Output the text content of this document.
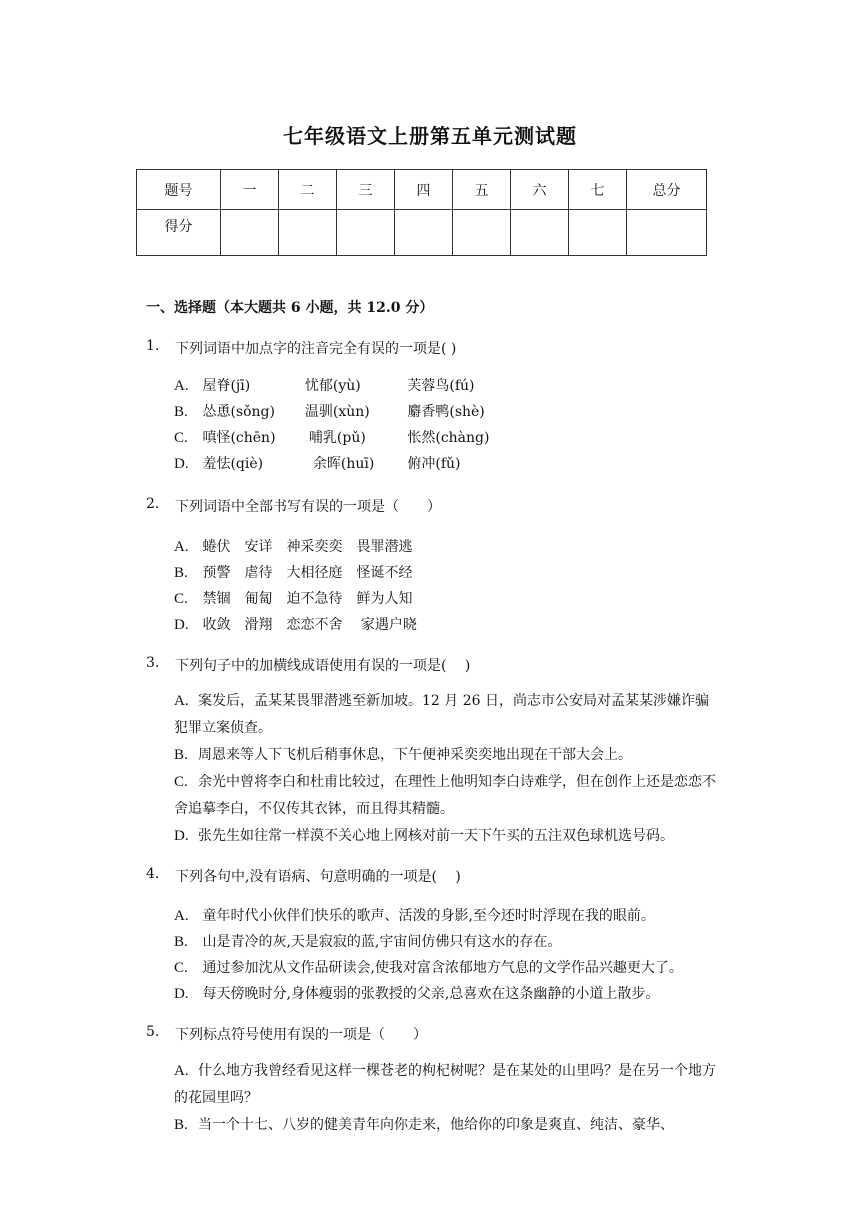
七年级语文上册第五单元测试题
题号	一	二	三	四	五	六	七	总分
得分								
一、选择题（本大题共 6 小题，共 12.0 分）
1.	下列词语中加点字的注音完全有误的一项是( )
A. 屋脊(jī)	忧郁(yù)	芙蓉鸟(fú)
B. 怂恿(sǒng) 温驯(xùn)	麝香鸭(shè)
C. 嗔怪(chēn) 哺乳(pǔ)	怅然(chàng)
D. 羞怯(qiè)	余晖(huī) 俯冲(fǔ)
2.	下列词语中全部书写有误的一项是（　　）
A. 蜷伏　安详　神采奕奕　畏罪潜逃
B. 预警　虐待　大相径庭　怪诞不经
C. 禁锢　匍匐　迫不急待　鲜为人知
D. 收敛　滑翔　恋恋不舍　 家遇户晓
3.	下列句子中的加横线成语使用有误的一项是(　 )
A. 案发后，孟某某畏罪潜逃至新加坡。12 月 26 日，尚志市公安局对孟某某涉嫌诈骗犯罪立案侦查。
B. 周恩来等人下飞机后稍事休息，下午便神采奕奕地出现在干部大会上。
C. 余光中曾将李白和杜甫比较过，在理性上他明知李白诗难学，但在创作上还是恋恋不舍追摹李白，不仅传其衣钵，而且得其精髓。
D. 张先生如往常一样漠不关心地上网核对前一天下午买的五注双色球机选号码。
4.	下列各句中,没有语病、句意明确的一项是(　 )
A. 童年时代小伙伴们快乐的歌声、活泼的身影,至今还时时浮现在我的眼前。
B. 山是青冷的灰,天是寂寂的蓝,宇宙间仿佛只有这水的存在。
C. 通过参加沈从文作品研读会,使我对富含浓郁地方气息的文学作品兴趣更大了。
D. 每天傍晚时分,身体瘦弱的张教授的父亲,总喜欢在这条幽静的小道上散步。
5.	下列标点符号使用有误的一项是（　　）
A. 什么地方我曾经看见这样一棵苍老的枸杞树呢？是在某处的山里吗？是在另一个地方的花园里吗？
B. 当一个十七、八岁的健美青年向你走来，他给你的印象是爽直、纯洁、豪华、
